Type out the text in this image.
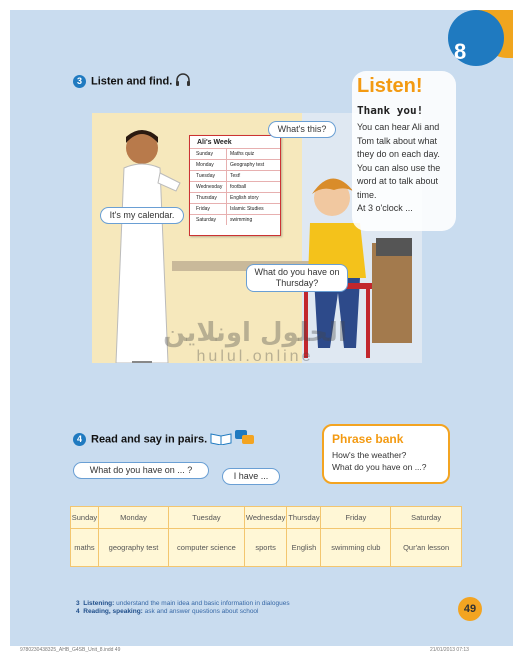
8
3 Listen and find.
Ali's Week
Sunday	Maths quiz
Monday	Geography test
Tuesday	Test!
Wednesday	football
Thursday	English story
Friday	Islamic Studies
Saturday	swimming
What's this?
It's my calendar.
What do you have on Thursday?
Listen!
Thank you!
You can hear Ali and Tom talk about what they do on each day. You can also use the word at to talk about time.
At 3 o'clock ...
الحلول اونلاين
hulul.online
4 Read and say in pairs.
What do you have on ... ?
I have ...
Phrase bank
How's the weather?
What do you have on ...?
Sunday	Monday	Tuesday	Wednesday	Thursday	Friday	Saturday
maths	geography test	computer science	sports	English	swimming club	Qur'an lesson
3 Listening: understand the main idea and basic information in dialogues
4 Reading, speaking: ask and answer questions about school	49
9780230438325_AHB_G4SB_Unit_8.indd 49	21/01/2013 07:13
